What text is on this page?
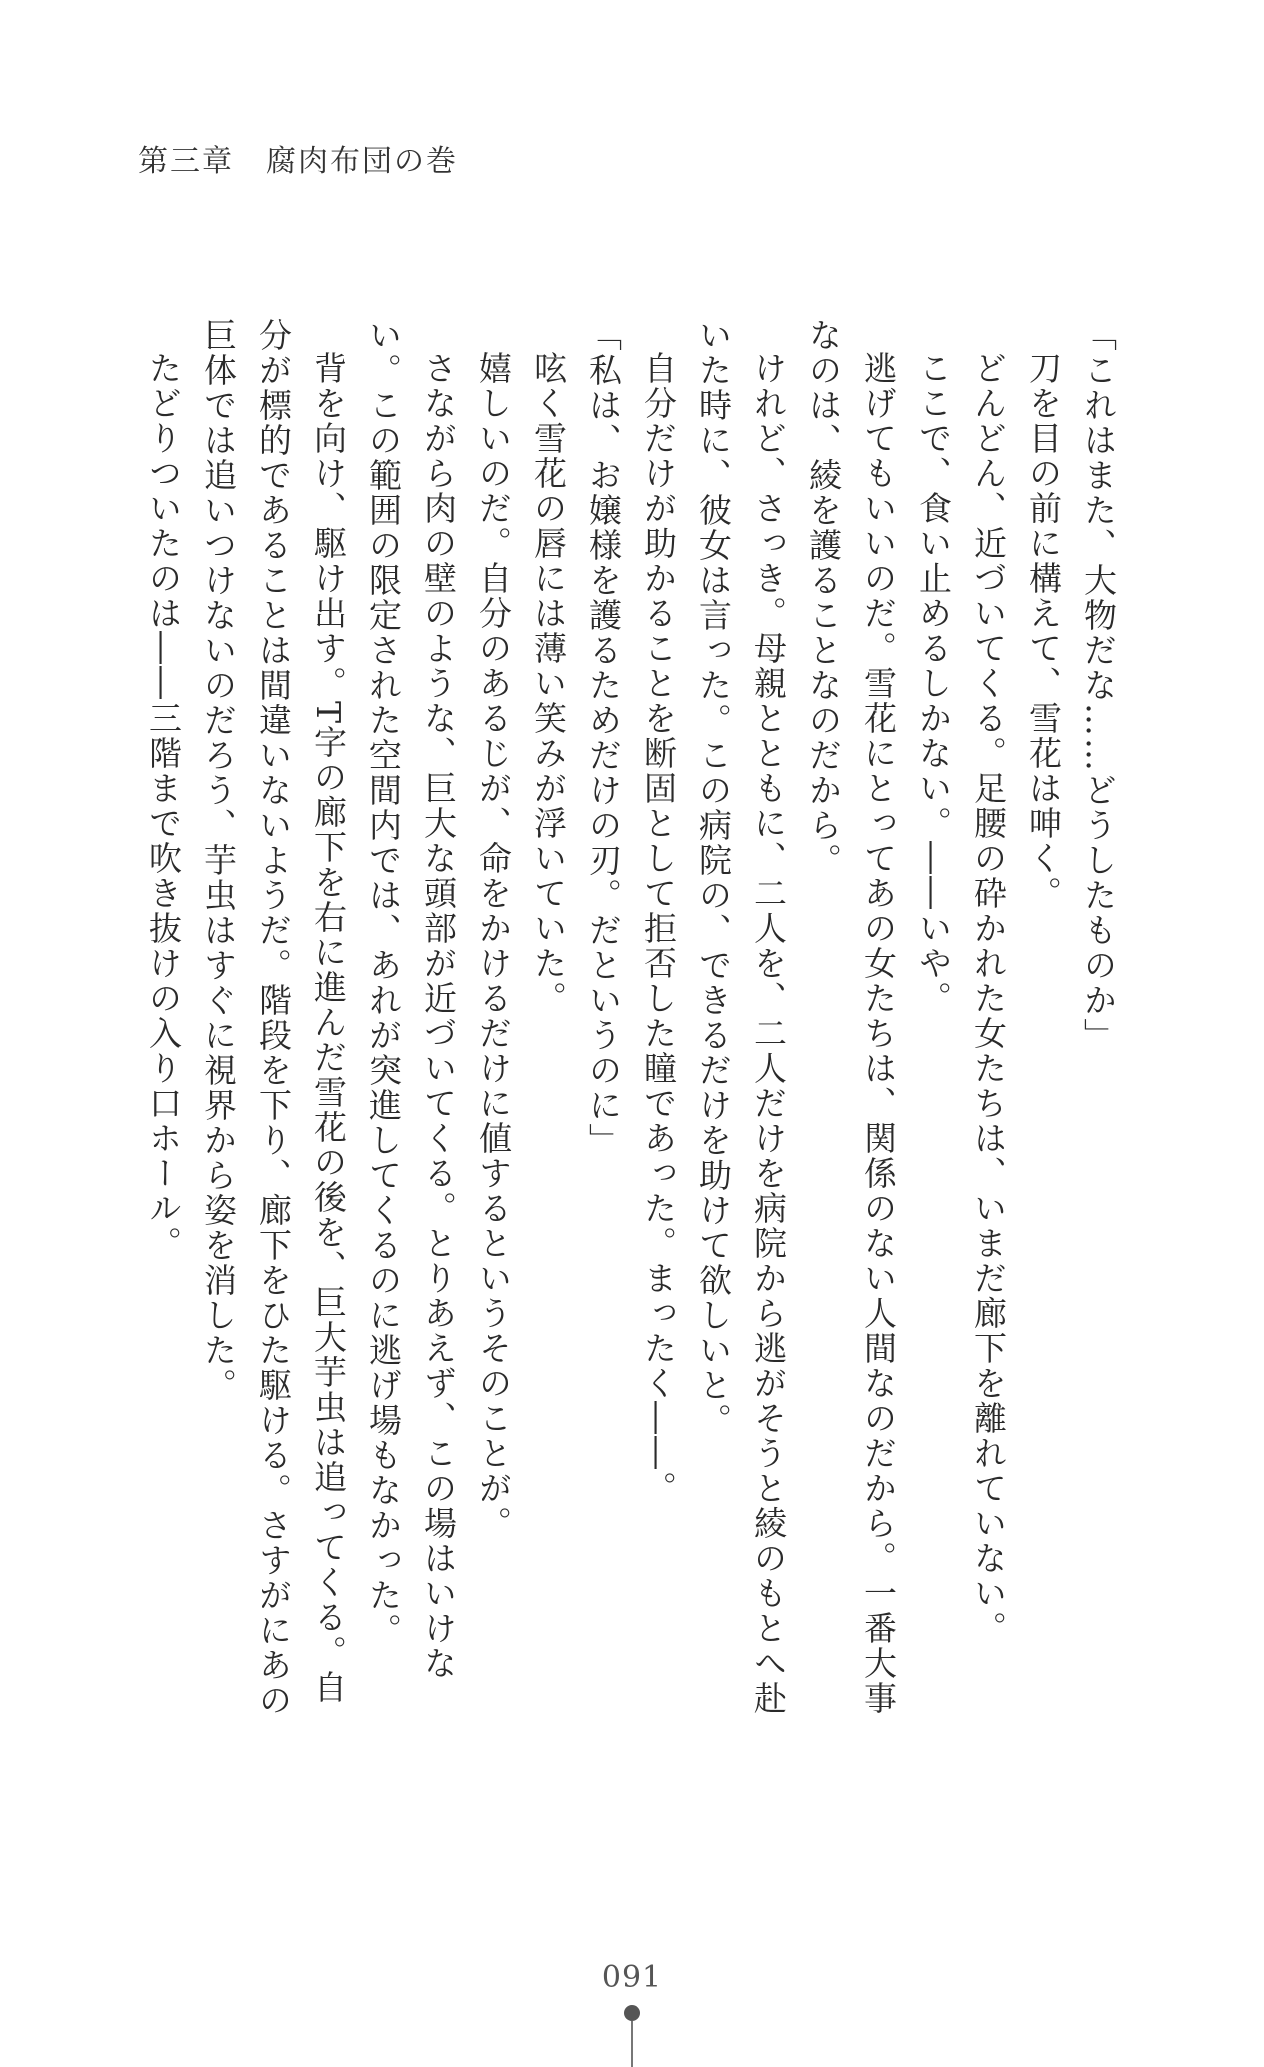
第三章　腐肉布団の巻

「これはまた、大物だな……どうしたものか」

刀を目の前に構えて、雪花は呻く。

どんどん、近づいてくる。足腰の砕かれた女たちは、いまだ廊下を離れていない。

ここで、食い止めるしかない。――いや。

逃げてもいいのだ。雪花にとってあの女たちは、関係のない人間なのだから。一番大事

なのは、綾を護ることなのだから。

けれど、さっき。母親とともに、二人を、二人だけを病院から逃がそうと綾のもとへ赴いた時に、彼女は言った。この病院の、できるだけを助けて欲しいと。

自分だけが助かることを断固として拒否した瞳であった。まったく――。

「私は、お嬢様を護るためだけの刃。だというのに」

呟く雪花の唇には薄い笑みが浮いていた。

嬉しいのだ。自分のあるじが、命をかけるだけに値するというそのことが。

さながら肉の壁のような、巨大な頭部が近づいてくる。とりあえず、この場はいけない。この範囲の限定された空間内では、あれが突進してくるのに逃げ場もなかった。

背を向け、駆け出す。T字の廊下を右に進んだ雪花の後を、巨大芋虫は追ってくる。自分が標的であることは間違いないようだ。階段を下り、廊下をひた駆ける。さすがにあの巨体では追いつけないのだろう、芋虫はすぐに視界から姿を消した。

たどりついたのは――三階まで吹き抜けの入り口ホール。

091
